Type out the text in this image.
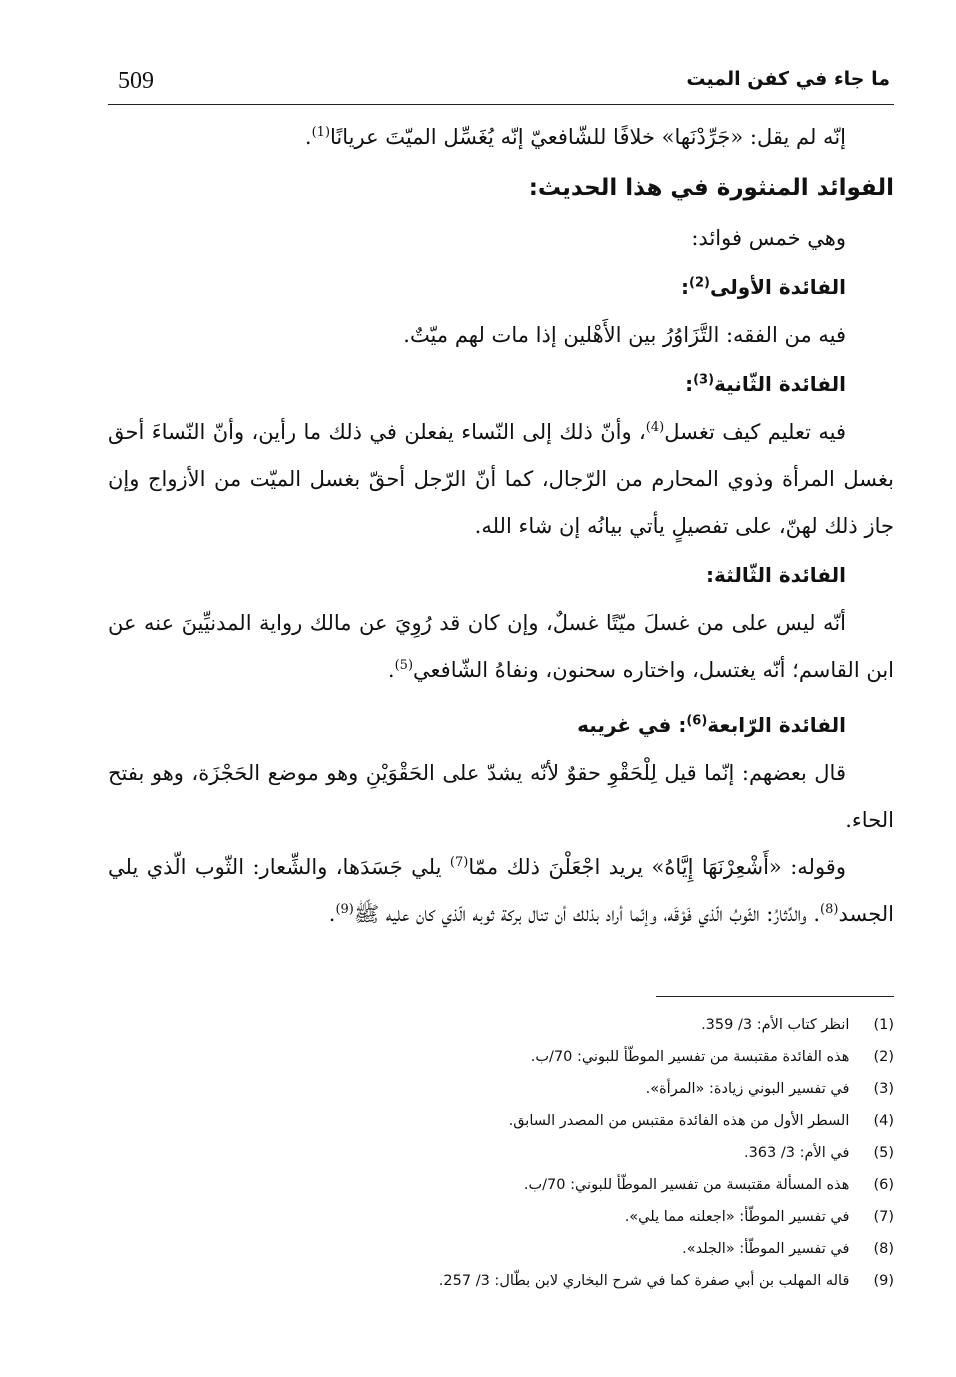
509	ما جاء في كفن الميت

إنّه لم يقل: «جَرِّدْنَها» خلافًا للشّافعيّ إنّه يُغَسِّل الميّتَ عريانًا$^{(1)}$.

الفوائد المنثورة في هذا الحديث:

وهي خمس فوائد:

الفائدة الأولى$^{(2)}$:

فيه من الفقه: التَّزَاوُرُ بين الأَهْلين إذا مات لهم ميّتٌ.

الفائدة الثّانية$^{(3)}$:

فيه تعليم كيف تغسل$^{(4)}$، وأنّ ذلك إلى النّساء يفعلن في ذلك ما رأين، وأنّ النّساءَ أحق بغسل المرأة وذوي المحارم من الرّجال، كما أنّ الرّجل أحقّ بغسل الميّت من الأزواج وإن جاز ذلك لهنّ، على تفصيلٍ يأتي بيانُه إن شاء الله.

الفائدة الثّالثة:

أنّه ليس على من غسلَ ميّتًا غسلٌ، وإن كان قد رُوِيَ عن مالك رواية المدنيِّينَ عنه عن ابن القاسم؛ أنّه يغتسل، واختاره سحنون، ونفاهُ الشّافعي$^{(5)}$.

الفائدة الرّابعة$^{(6)}$: في غريبه

قال بعضهم: إنّما قيل لِلْحَقْوِ حقوٌ لأنّه يشدّ على الحَقْوَيْنِ وهو موضع الحَجْزَة، وهو بفتح الحاء.

وقوله: «أَشْعِرْنَهَا إِيَّاهُ» يريد اجْعَلْنَ ذلك ممّا$^{(7)}$ يلي جَسَدَها، والشِّعار: الثّوب الّذي يلي الجسد$^{(8)}$. والدِّثارُ: الثّوبُ الّذي فَوْقَه، وإنّما أراد بذلك أن تنال بركة ثوبه الّذي كان عليه ﷺ$^{(9)}$.

(1) انظر كتاب الأم: 3/ 359.

(2) هذه الفائدة مقتبسة من تفسير الموطّأ للبوني: 70/ب.

(3) في تفسير البوني زيادة: «المرأة».

(4) السطر الأول من هذه الفائدة مقتبس من المصدر السابق.

(5) في الأم: 3/ 363.

(6) هذه المسألة مقتبسة من تفسير الموطّأ للبوني: 70/ب.

(7) في تفسير الموطّأ: «اجعلنه مما يلي».

(8) في تفسير الموطّأ: «الجلد».

(9) قاله المهلب بن أبي صفرة كما في شرح البخاري لابن بطّال: 3/ 257.
